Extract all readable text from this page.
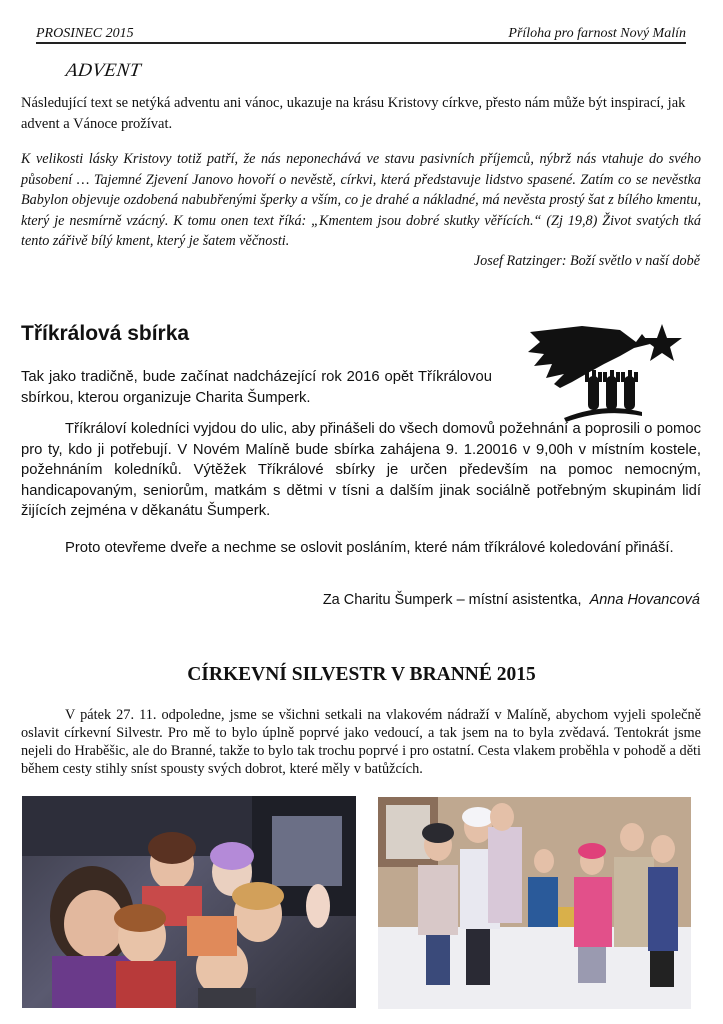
PROSINEC 2015	Příloha pro farnost Nový Malín
ADVENT
Následující text se netýká adventu ani vánoc, ukazuje na krásu Kristovy církve, přesto nám může být inspirací, jak advent a Vánoce prožívat.
K velikosti lásky Kristovy totiž patří, že nás neponechává ve stavu pasivních příjemců, nýbrž nás vtahuje do svého působení … Tajemné Zjevení Janovo hovoří o nevěstě, církvi, která představuje lidstvo spasené. Zatím co se nevěstka Babylon objevuje ozdobená nabubřenými šperky a vším, co je drahé a nákladné, má nevěsta prostý šat z bílého kmentu, který je nesmírně vzácný. K tomu onen text říká: „Kmentem jsou dobré skutky věřících.“ (Zj 19,8) Život svatých tká tento zářivě bílý kment, který je šatem věčnosti.
Josef Ratzinger: Boží světlo v naší době
Tříkrálová sbírka
Tak jako tradičně, bude začínat nadcházející rok 2016 opět Tříkrálovou sbírkou, kterou organizuje Charita Šumperk.
Tříkráloví koledníci vyjdou do ulic, aby přinášeli do všech domovů požehnání a poprosili o pomoc pro ty, kdo ji potřebují. V Novém Malíně bude sbírka zahájena 9. 1.20016 v 9,00h v místním kostele, požehnáním koledníků. Výtěžek Tříkrálové sbírky je určen především na pomoc nemocným, handicapovaným, seniorům, matkám s dětmi v tísni a dalším jinak sociálně potřebným skupinám lidí žijících zejména v děkanátu Šumperk.
Proto otevřeme dveře a nechme se oslovit posláním, které nám tříkrálové koledování přináší.
Za Charitu Šumperk – místní asistentka, Anna Hovancová
CÍRKEVNÍ SILVESTR V BRANNÉ 2015
V pátek 27. 11. odpoledne, jsme se všichni setkali na vlakovém nádraží v Malíně, abychom vyjeli společně oslavit církevní Silvestr. Pro mě to bylo úplně poprvé jako vedoucí, a tak jsem na to byla zvědavá. Tentokrát jsme nejeli do Hraběšic, ale do Branné, takže to bylo tak trochu poprvé i pro ostatní. Cesta vlakem proběhla v pohodě a děti během cesty stihly sníst spousty svých dobrot, které měly v batůžcích.
